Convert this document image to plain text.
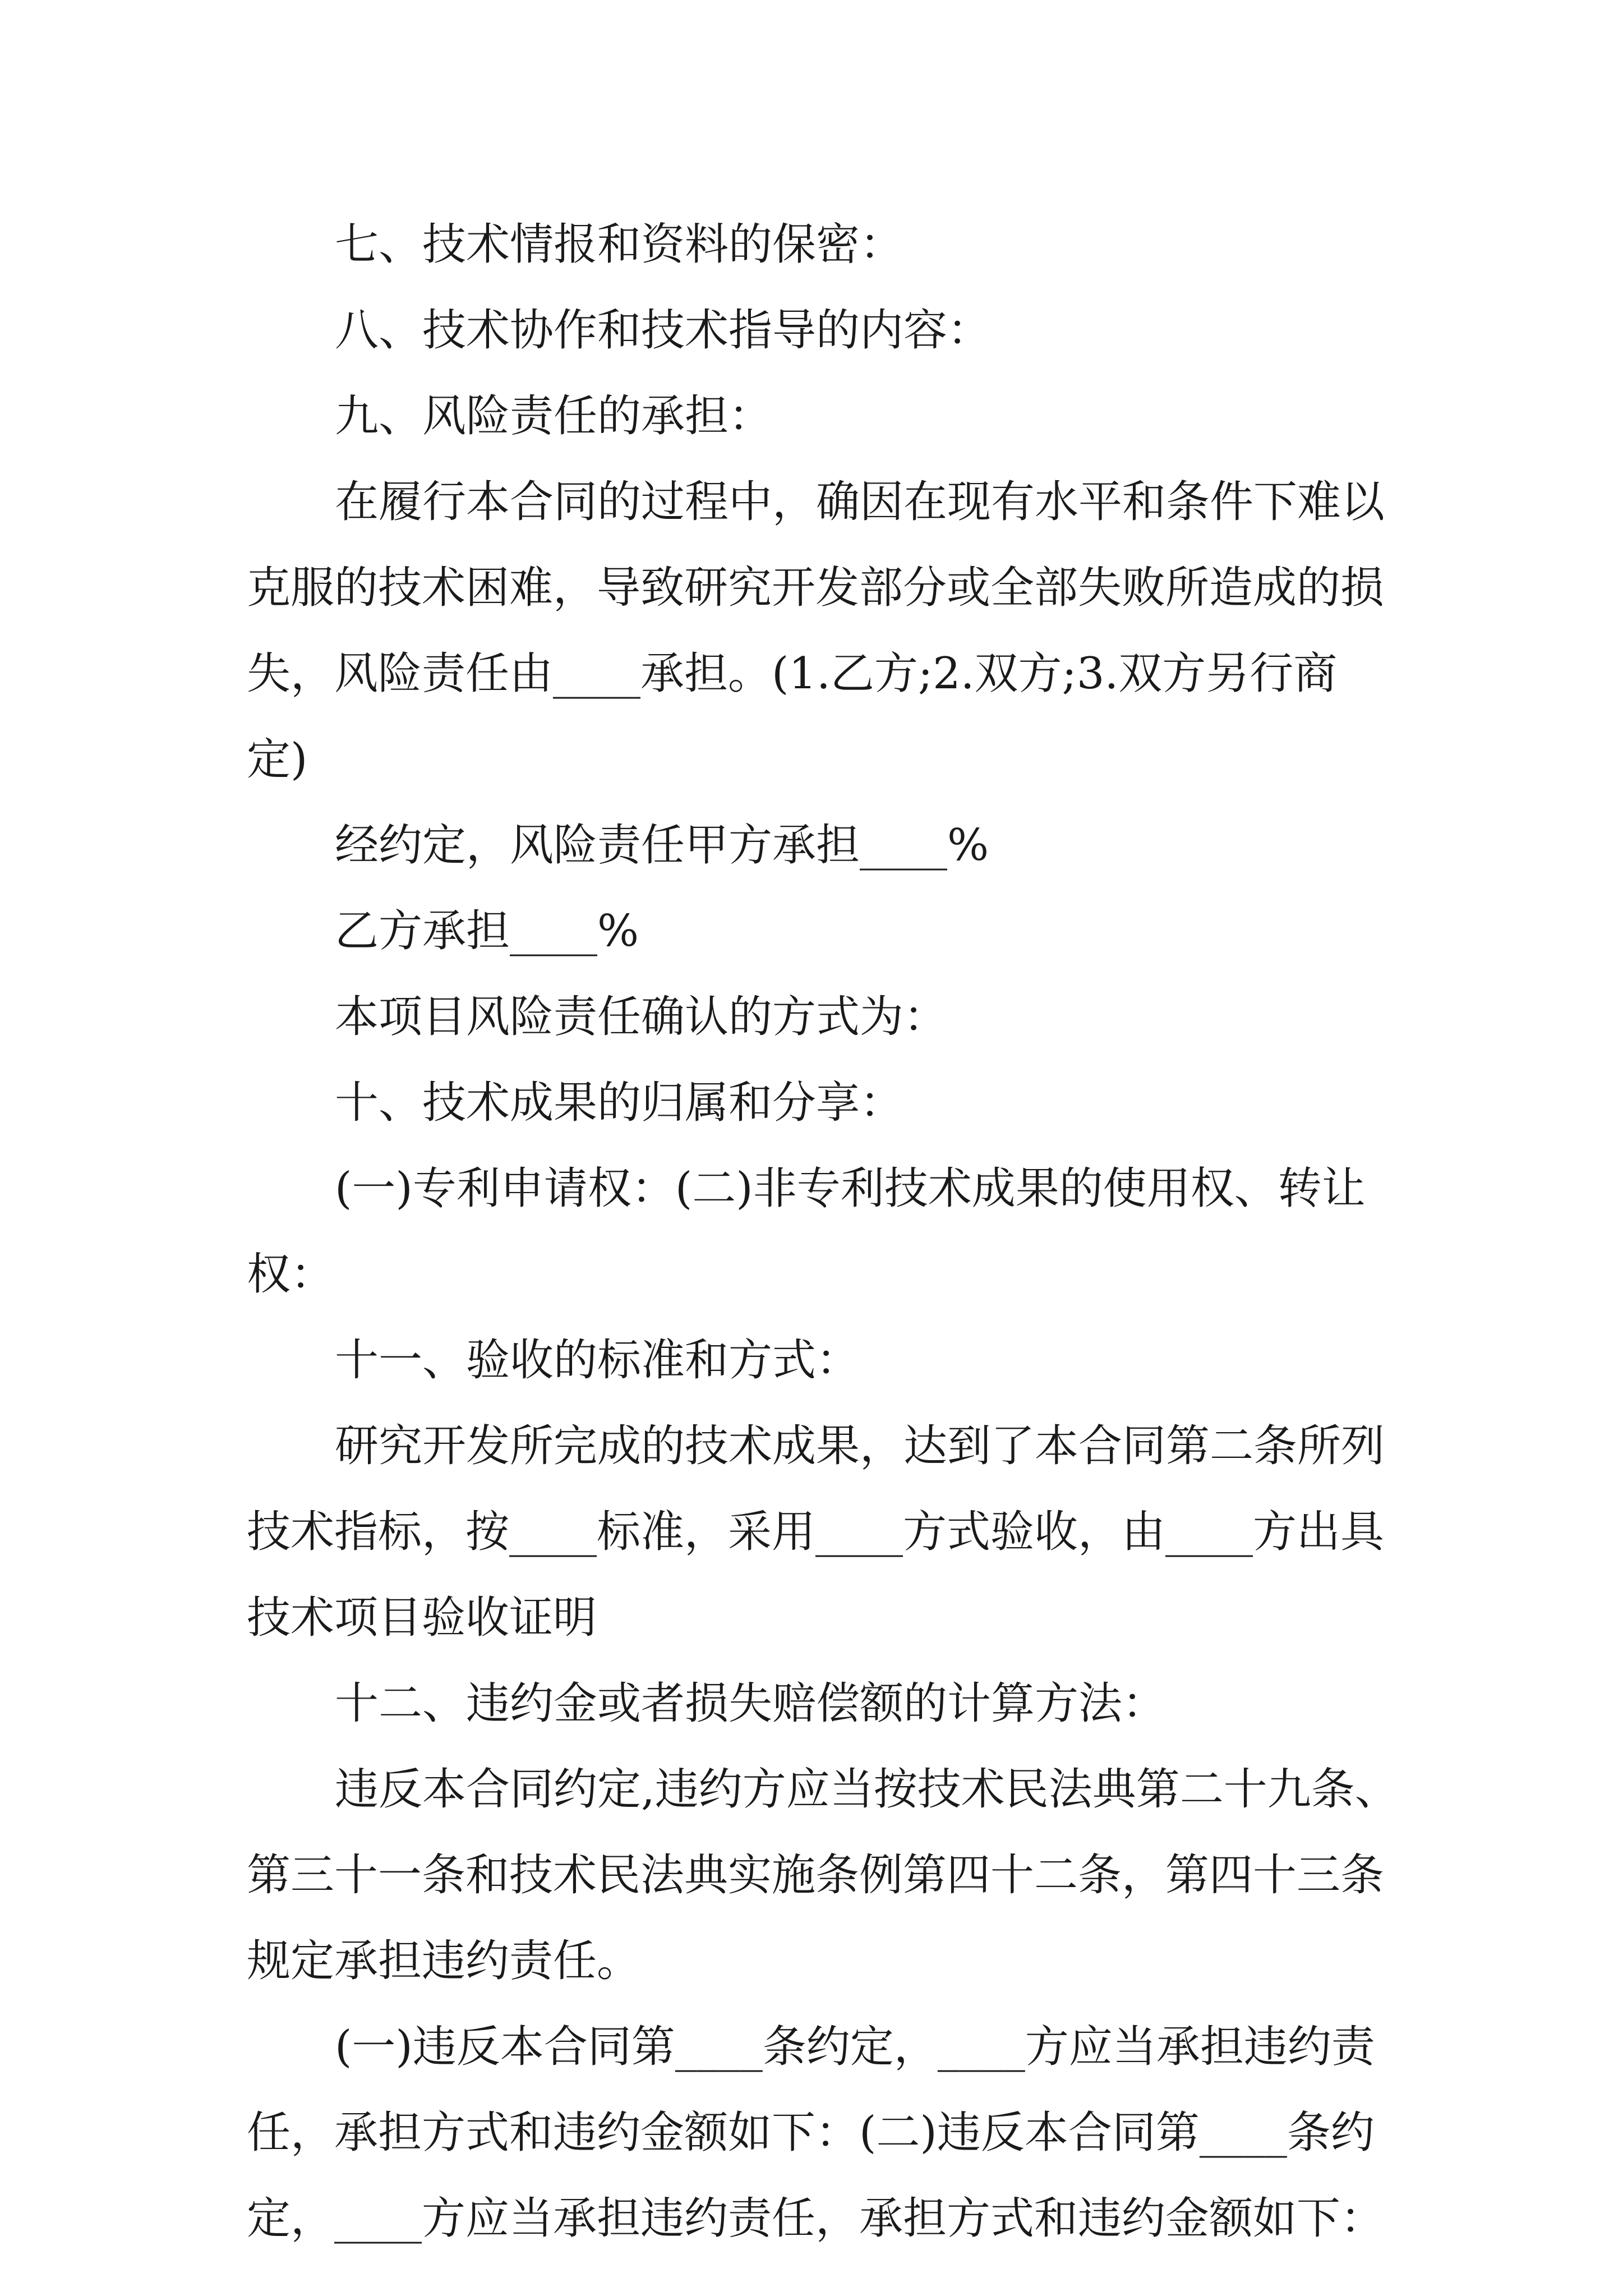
七、技术情报和资料的保密：
八、技术协作和技术指导的内容：
九、风险责任的承担：
在履行本合同的过程中，确因在现有水平和条件下难以
克服的技术困难，导致研究开发部分或全部失败所造成的损
失，风险责任由____承担。(1.乙方;2.双方;3.双方另行商
定)
经约定，风险责任甲方承担____%
乙方承担____%
本项目风险责任确认的方式为：
十、技术成果的归属和分享：
(一)专利申请权：(二)非专利技术成果的使用权、转让
权：
十一、验收的标准和方式：
研究开发所完成的技术成果，达到了本合同第二条所列
技术指标，按____标准，采用____方式验收，由____方出具
技术项目验收证明
十二、违约金或者损失赔偿额的计算方法：
违反本合同约定,违约方应当按技术民法典第二十九条、
第三十一条和技术民法典实施条例第四十二条，第四十三条
规定承担违约责任。
(一)违反本合同第____条约定，____方应当承担违约责
任，承担方式和违约金额如下：(二)违反本合同第____条约
定，____方应当承担违约责任，承担方式和违约金额如下：
